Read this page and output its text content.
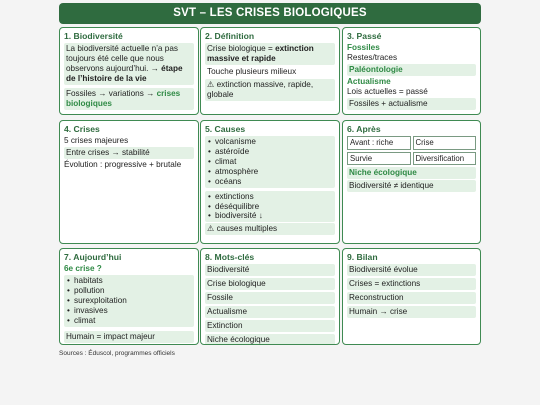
SVT – LES CRISES BIOLOGIQUES
1. Biodiversité
La biodiversité actuelle n’a pas toujours été celle que nous observons aujourd’hui. → étape de l’histoire de la vie
Fossiles → variations → crises biologiques
2. Définition
Crise biologique = extinction massive et rapide
Touche plusieurs milieux
⚠ extinction massive, rapide, globale
3. Passé
Fossiles
Restes/traces
Paléontologie
Actualisme
Lois actuelles = passé
Fossiles + actualisme
4. Crises
5 crises majeures
Entre crises → stabilité
Évolution : progressive + brutale
5. Causes
• volcanisme
• astéroïde
• climat
• atmosphère
• océans
• extinctions
• déséquilibre
• biodiversité ↓
⚠ causes multiples
6. Après
Avant : riche	Crise
Survie	Diversification
Niche écologique
Biodiversité ≠ identique
7. Aujourd’hui
6e crise ?
• habitats
• pollution
• surexploitation
• invasives
• climat
Humain = impact majeur
8. Mots-clés
Biodiversité
Crise biologique
Fossile
Actualisme
Extinction
Niche écologique
9. Bilan
Biodiversité évolue
Crises = extinctions
Reconstruction
Humain → crise
Sources : Éduscol, programmes officiels
